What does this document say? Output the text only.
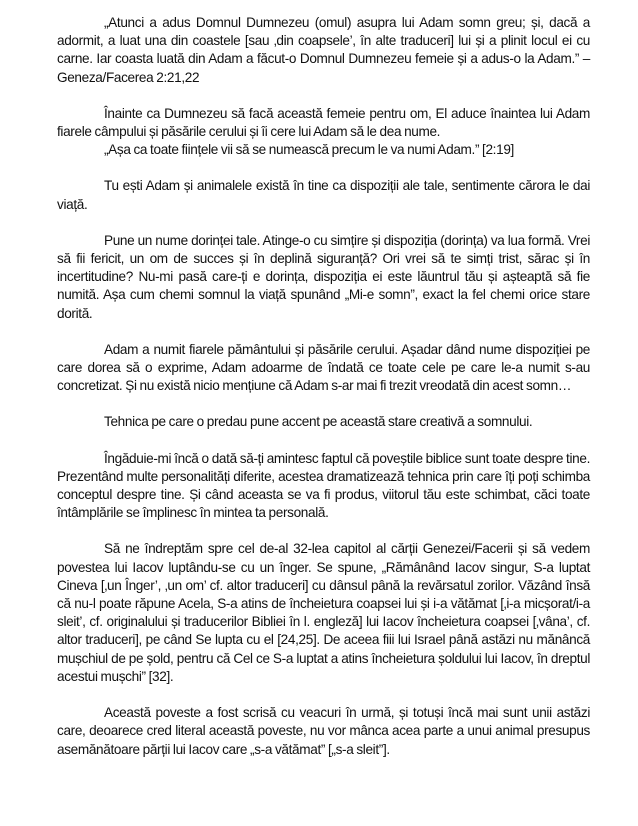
„Atunci a adus Domnul Dumnezeu (omul) asupra lui Adam somn greu; și, dacă a adormit, a luat una din coastele [sau ‚din coapsele’, în alte traduceri] lui și a plinit locul ei cu carne. Iar coasta luată din Adam a făcut-o Domnul Dumnezeu femeie și a adus-o la Adam.” – Geneza/Facerea 2:21,22

Înainte ca Dumnezeu să facă această femeie pentru om, El aduce înaintea lui Adam fiarele câmpului și păsările cerului și îi cere lui Adam să le dea nume.

„Așa ca toate ființele vii să se numească precum le va numi Adam.” [2:19]

Tu ești Adam și animalele există în tine ca dispoziții ale tale, sentimente cărora le dai viață.

Pune un nume dorinței tale. Atinge-o cu simțire și dispoziția (dorința) va lua formă. Vrei să fii fericit, un om de succes și în deplină siguranță? Ori vrei să te simți trist, sărac și în incertitudine? Nu-mi pasă care-ți e dorința, dispoziția ei este lăuntrul tău și așteaptă să fie numită. Așa cum chemi somnul la viață spunând „Mi-e somn”, exact la fel chemi orice stare dorită.

Adam a numit fiarele pământului și păsările cerului. Așadar dând nume dispoziției pe care dorea să o exprime, Adam adoarme de îndată ce toate cele pe care le-a numit s-au concretizat. Și nu există nicio mențiune că Adam s-ar mai fi trezit vreodată din acest somn…

Tehnica pe care o predau pune accent pe această stare creativă a somnului.

Îngăduie-mi încă o dată să-ți amintesc faptul că poveștile biblice sunt toate despre tine. Prezentând multe personalități diferite, acestea dramatizează tehnica prin care îți poți schimba conceptul despre tine. Și când aceasta se va fi produs, viitorul tău este schimbat, căci toate întâmplările se împlinesc în mintea ta personală.

Să ne îndreptăm spre cel de-al 32-lea capitol al cărții Genezei/Facerii și să vedem povestea lui Iacov luptându-se cu un înger. Se spune, „Rămânând Iacov singur, S-a luptat Cineva [‚un Înger’, ‚un om’ cf. altor traduceri] cu dânsul până la revărsatul zorilor. Văzând însă că nu-l poate răpune Acela, S-a atins de încheietura coapsei lui și i-a vătămat [‚i-a micșorat/i-a sleit’, cf. originalului și traducerilor Bibliei în l. engleză] lui Iacov încheietura coapsei [‚vâna’, cf. altor traduceri], pe când Se lupta cu el [24,25]. De aceea fiii lui Israel până astăzi nu mănâncă mușchiul de pe șold, pentru că Cel ce S-a luptat a atins încheietura șoldului lui Iacov, în dreptul acestui mușchi” [32].

Această poveste a fost scrisă cu veacuri în urmă, și totuși încă mai sunt unii astăzi care, deoarece cred literal această poveste, nu vor mânca acea parte a unui animal presupus asemănătoare părții lui Iacov care „s-a vătămat” [„s-a sleit”].
